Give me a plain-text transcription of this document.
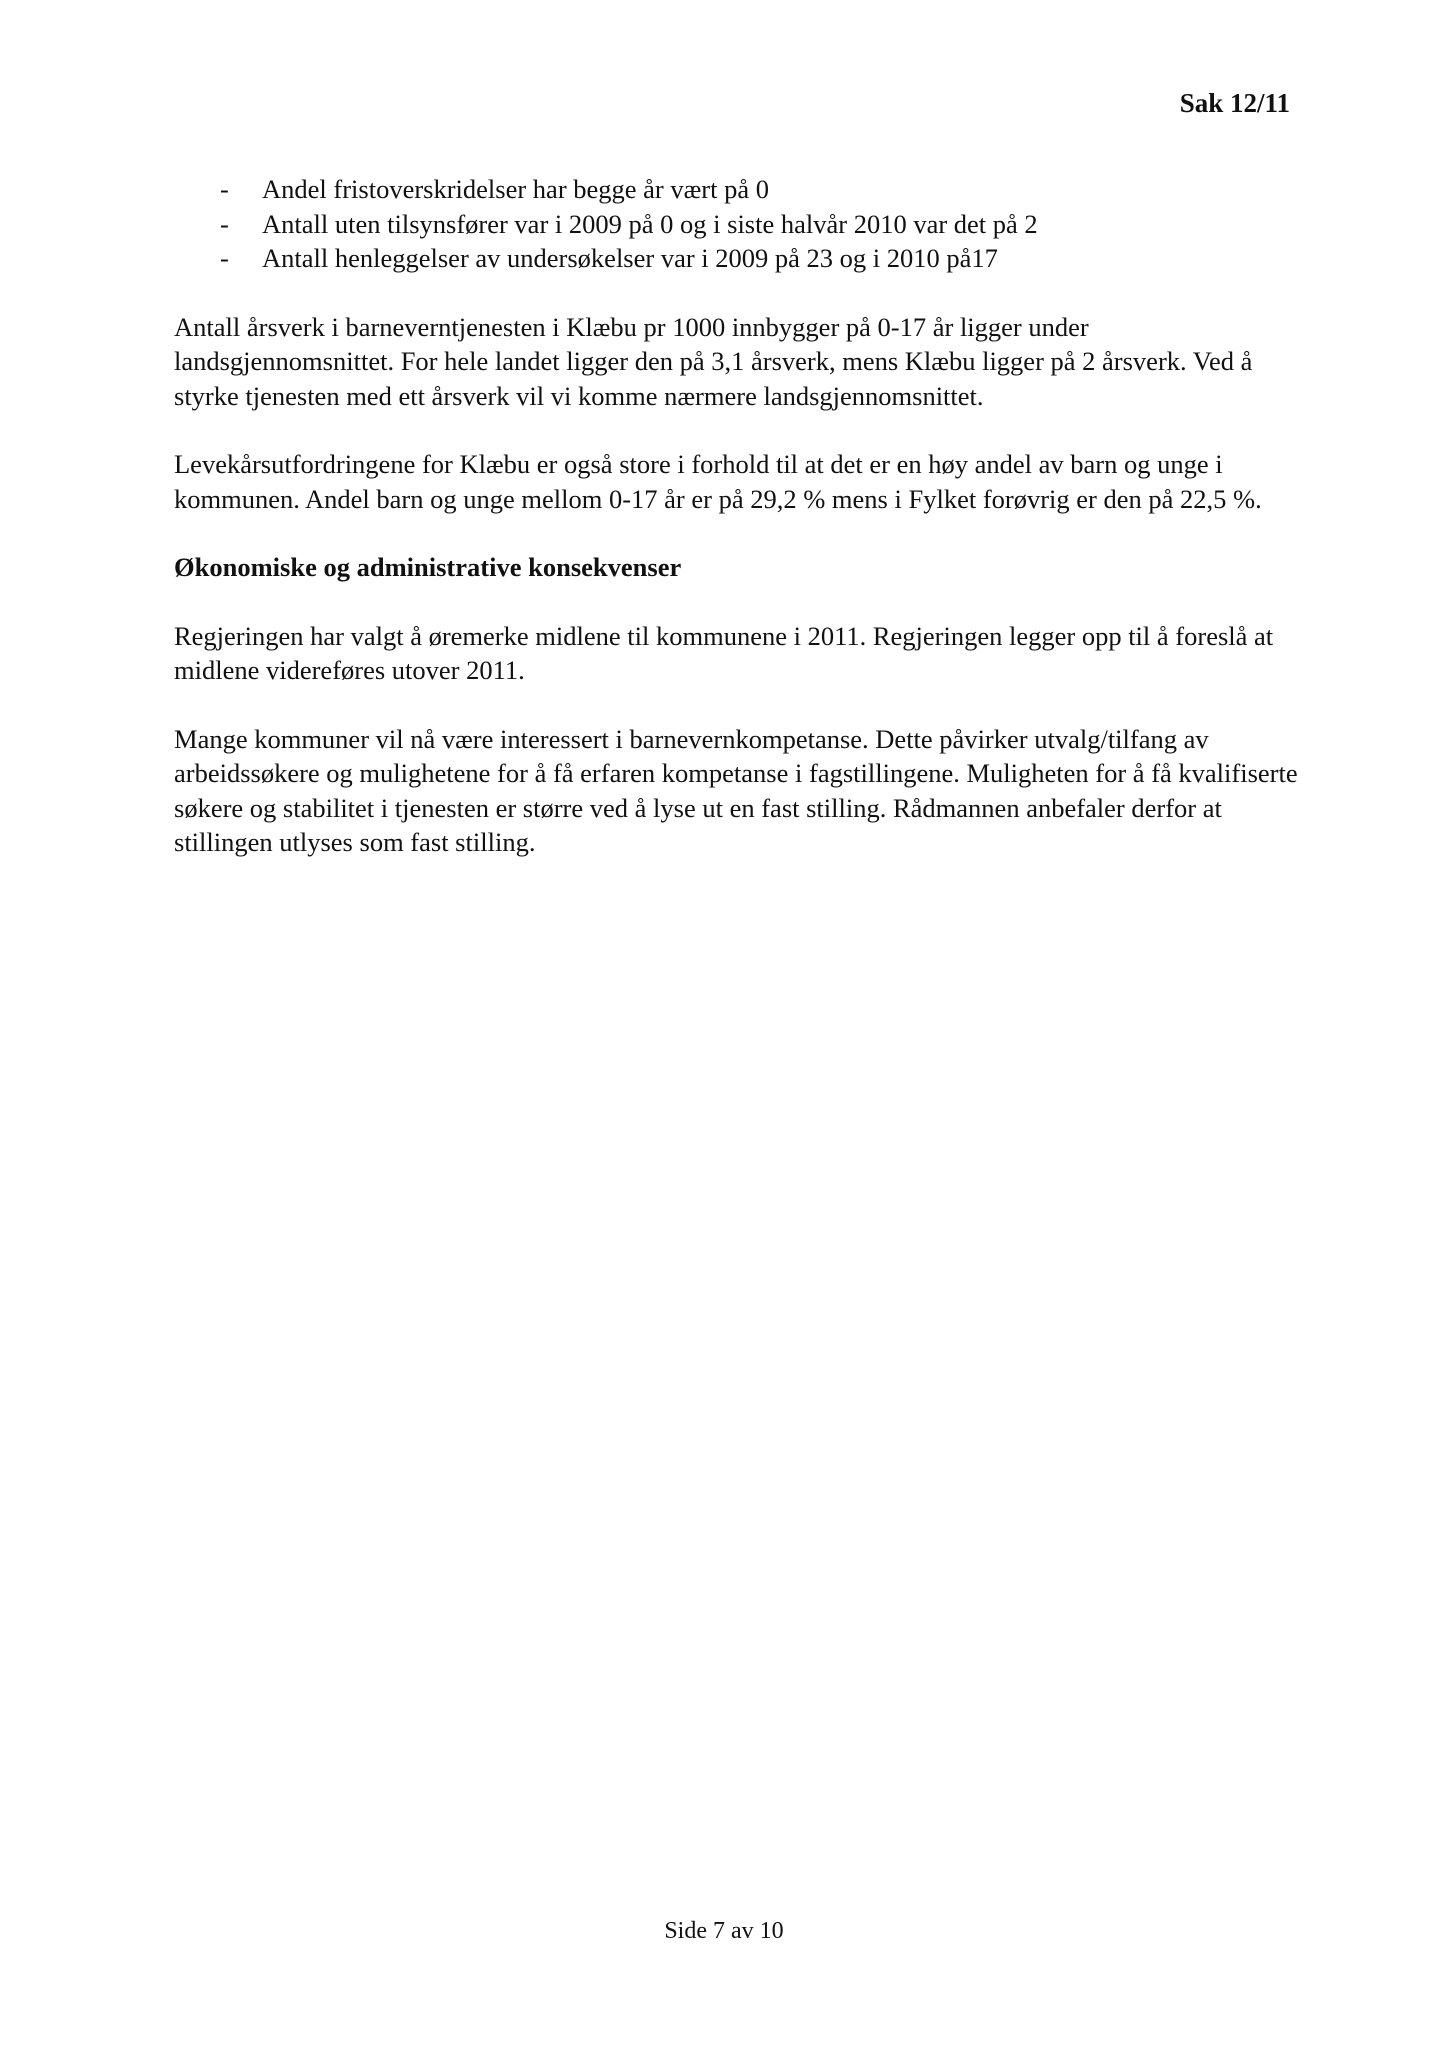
Sak 12/11
- Andel fristoverskridelser har begge år vært på 0
- Antall uten tilsynsfører var i 2009 på 0 og i siste halvår 2010 var det på 2
- Antall henleggelser av undersøkelser var i 2009 på 23 og i 2010 på17

Antall årsverk i barneverntjenesten i Klæbu pr 1000 innbygger på 0-17 år ligger under landsgjennomsnittet. For hele landet ligger den på 3,1 årsverk, mens Klæbu ligger på 2 årsverk. Ved å styrke tjenesten med ett årsverk vil vi komme nærmere landsgjennomsnittet.

Levekårsutfordringene for Klæbu er også store i forhold til at det er en høy andel av barn og unge i kommunen. Andel barn og unge mellom 0-17 år er på 29,2 % mens i Fylket forøvrig er den på 22,5 %.

Økonomiske og administrative konsekvenser

Regjeringen har valgt å øremerke midlene til kommunene i 2011. Regjeringen legger opp til å foreslå at midlene videreføres utover 2011.

Mange kommuner vil nå være interessert i barnevernkompetanse. Dette påvirker utvalg/tilfang av arbeidssøkere og mulighetene for å få erfaren kompetanse i fagstillingene. Muligheten for å få kvalifiserte søkere og stabilitet i tjenesten er større ved å lyse ut en fast stilling. Rådmannen anbefaler derfor at stillingen utlyses som fast stilling.

Side 7 av 10
